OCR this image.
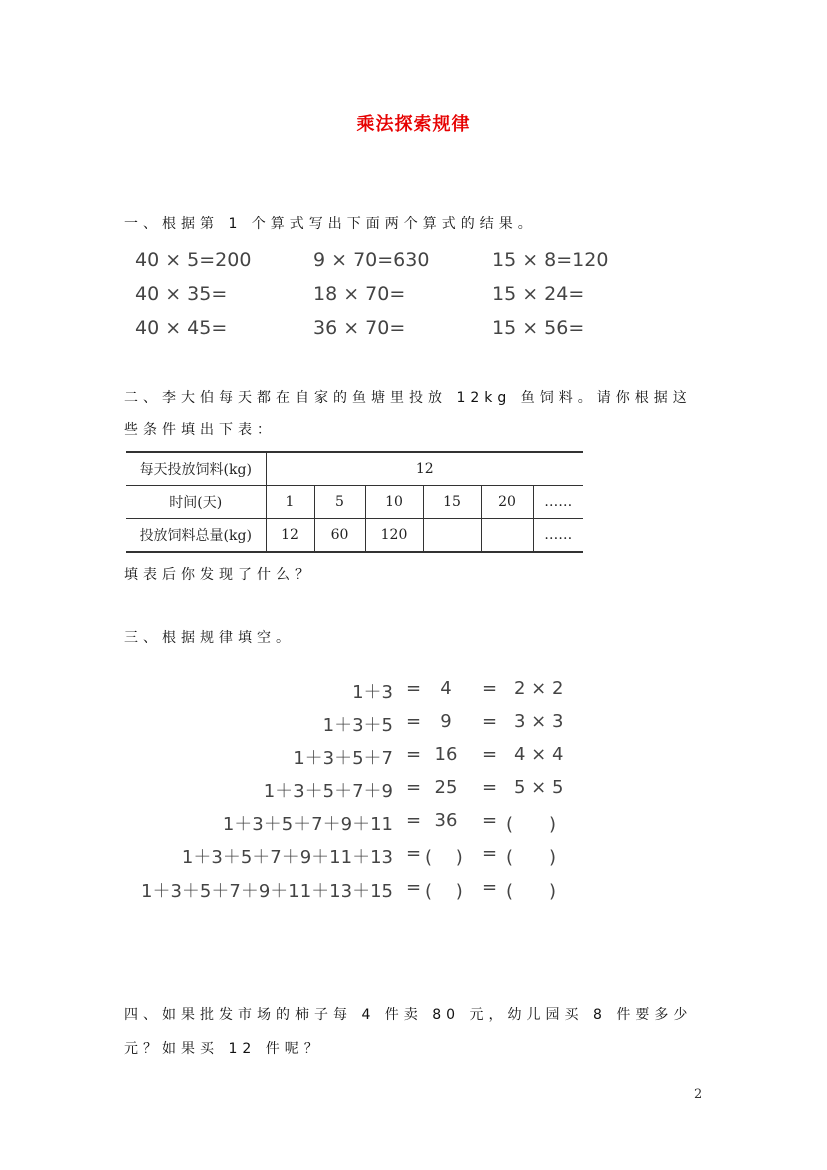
乘法探索规律
一、根据第 1 个算式写出下面两个算式的结果。
40 × 5=200	9 × 70=630	15 × 8=120
40 × 35=	18 × 70=	15 × 24=
40 × 45=	36 × 70=	15 × 56=
二、李大伯每天都在自家的鱼塘里投放 12kg 鱼饲料。请你根据这
些条件填出下表：
每天投放饲料(kg)	12					
时间(天)	1	5	10	15	20	……
投放饲料总量(kg)	12	60	120			……
填表后你发现了什么？
三、根据规律填空。
1＋3 = 4 = 2 × 2
1＋3＋5 = 9 = 3 × 3
1＋3＋5＋7 = 16 = 4 × 4
1＋3＋5＋7＋9 = 25 = 5 × 5
1＋3＋5＋7＋9＋11 = 36 = (　　)
1＋3＋5＋7＋9＋11＋13 = (　 ) = (　　)
1＋3＋5＋7＋9＋11＋13＋15 = (　 ) = (　　)
四、如果批发市场的柿子每 4 件卖 80 元，幼儿园买 8 件要多少
元？如果买 12 件呢？
2
